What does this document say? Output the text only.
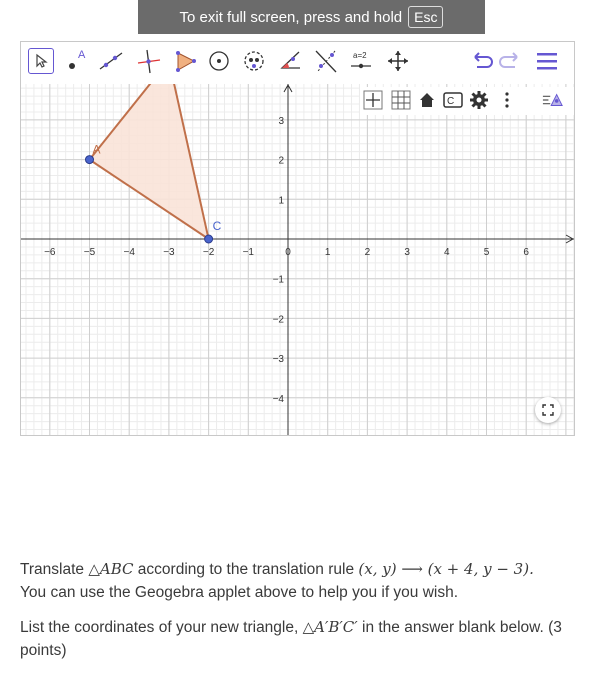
To exit full screen, press and hold Esc
A	a=2
−6	−5	−4	−3	−2	−1	0	1	2	3	4	5	6
3
2
1
−1
−2
−3
−4
A
C
C

Translate △ABC according to the translation rule (x, y) ⟶ (x + 4, y − 3).
You can use the Geogebra applet above to help you if you wish.

List the coordinates of your new triangle, △A′B′C′ in the answer blank below. (3 points)
